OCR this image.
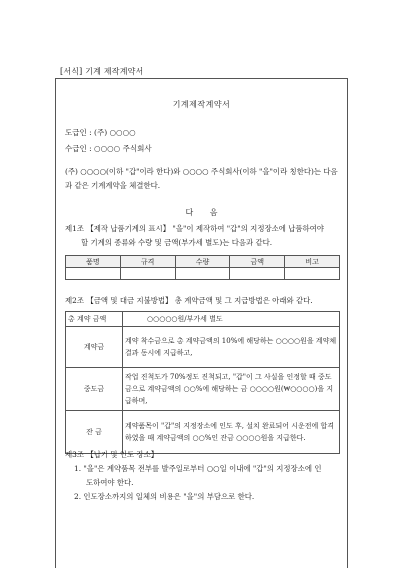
[서식] 기계 제작계약서
기계제작계약서
도급인 : (주) ○○○○
수급인 : ○○○○ 주식회사
(주) ○○○○(이하 "갑"이라 한다)와 ○○○○ 주식회사(이하 "을"이라 칭한다)는 다음과 같은 기계계약을 체결한다.
다 음
제1조 【제작 납품기계의 표시】 "을"이 제작하여 "갑"의 지정장소에 납품하여야
할 기계의 종류와 수량 및 금액(부가세 별도)는 다음과 같다.
품명	규격	수량	금액	비고

제2조 【금액 및 대금 지불방법】 총 계약금액 및 그 지급방법은 아래와 같다.
총 계약 금액	○○○○○원/부가세 별도
계약금	계약 착수금으로 총 계약금액의 10%에 해당하는 ○○○○원을 계약체결과 동시에 지급하고,
중도금	작업 진척도가 70%정도 진척되고, "갑"이 그 사실을 인정할 때 중도금으로 계약금액의 ○○%에 해당하는 금 ○○○○원(₩○○○○)을 지급하며,
잔 금	계약품목이 "갑"의 지정장소에 인도 후, 설치 완료되어 시운전에 합격하였을 때 계약금액의 ○○%인 잔금 ○○○○원을 지급한다.
제3조 【납기 및 인도 장소】
1. "을"은 계약품목 전부를 발주일로부터 ○○일 이내에 "갑"의 지정장소에 인
도하여야 한다.
2. 인도장소까지의 일체의 비용은 "을"의 부담으로 한다.
